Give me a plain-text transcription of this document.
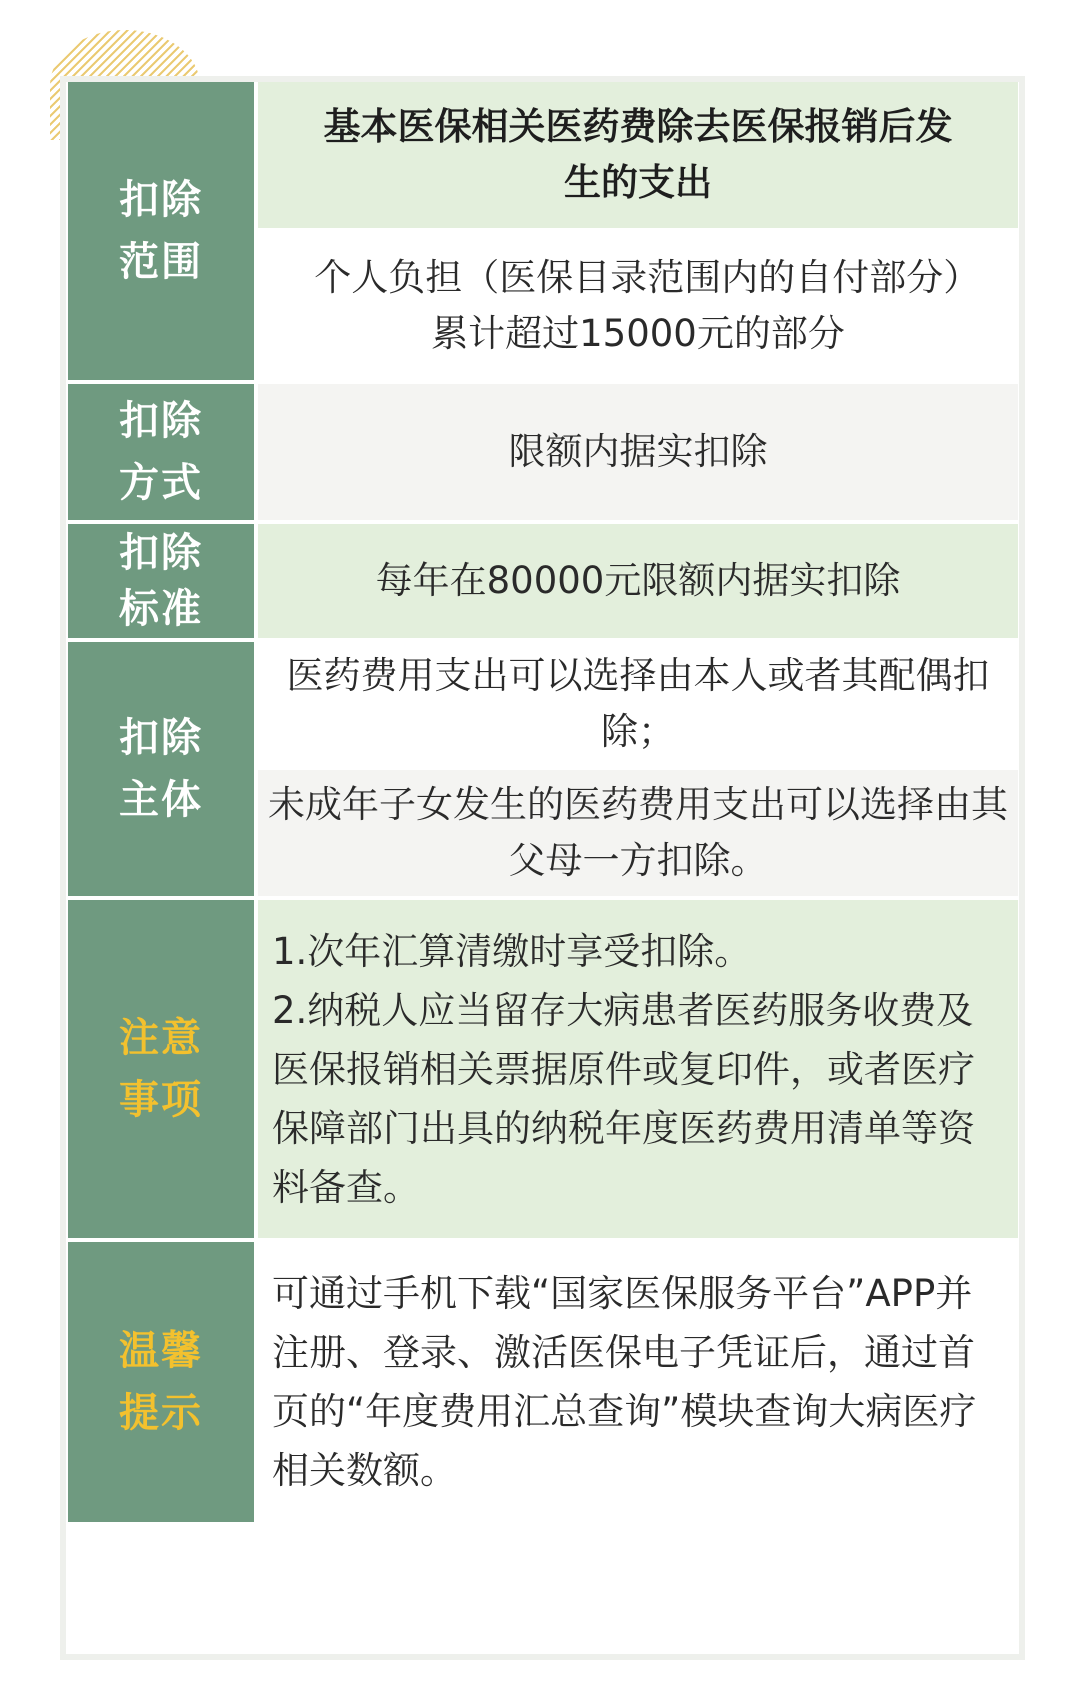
扣除
范围
基本医保相关医药费除去医保报销后发生的支出
个人负担（医保目录范围内的自付部分）累计超过15000元的部分
扣除
方式
限额内据实扣除
扣除
标准
每年在80000元限额内据实扣除
扣除
主体
医药费用支出可以选择由本人或者其配偶扣除；
未成年子女发生的医药费用支出可以选择由其父母一方扣除。
注意
事项
1.次年汇算清缴时享受扣除。
2.纳税人应当留存大病患者医药服务收费及医保报销相关票据原件或复印件，或者医疗保障部门出具的纳税年度医药费用清单等资料备查。
温馨
提示
可通过手机下载“国家医保服务平台”APP并注册、登录、激活医保电子凭证后，通过首页的“年度费用汇总查询”模块查询大病医疗相关数额。
